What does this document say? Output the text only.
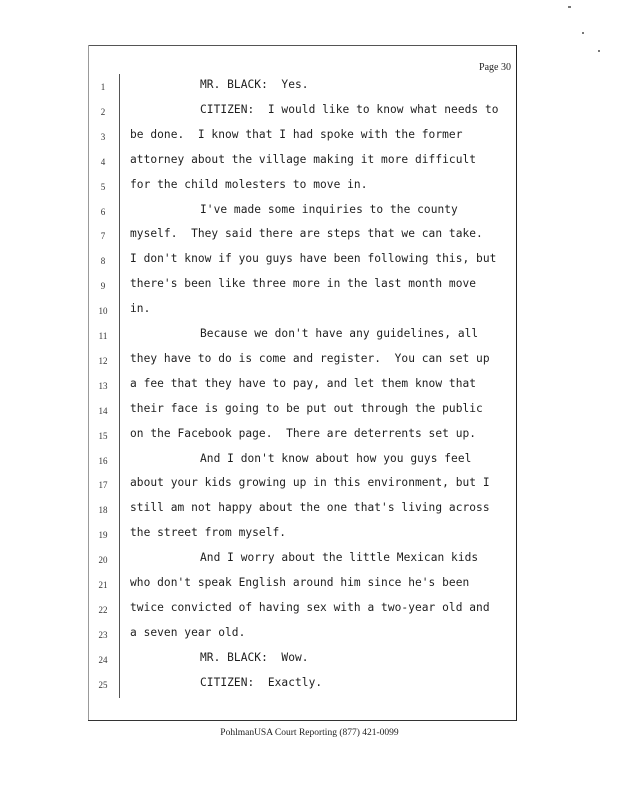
Page 30
1	MR. BLACK:  Yes.
2	CITIZEN:  I would like to know what needs to
3	be done.  I know that I had spoke with the former
4	attorney about the village making it more difficult
5	for the child molesters to move in.
6	I've made some inquiries to the county
7	myself.  They said there are steps that we can take.
8	I don't know if you guys have been following this, but
9	there's been like three more in the last month move
10	in.
11	Because we don't have any guidelines, all
12	they have to do is come and register.  You can set up
13	a fee that they have to pay, and let them know that
14	their face is going to be put out through the public
15	on the Facebook page.  There are deterrents set up.
16	And I don't know about how you guys feel
17	about your kids growing up in this environment, but I
18	still am not happy about the one that's living across
19	the street from myself.
20	And I worry about the little Mexican kids
21	who don't speak English around him since he's been
22	twice convicted of having sex with a two-year old and
23	a seven year old.
24	MR. BLACK:  Wow.
25	CITIZEN:  Exactly.
PohlmanUSA Court Reporting (877) 421-0099
